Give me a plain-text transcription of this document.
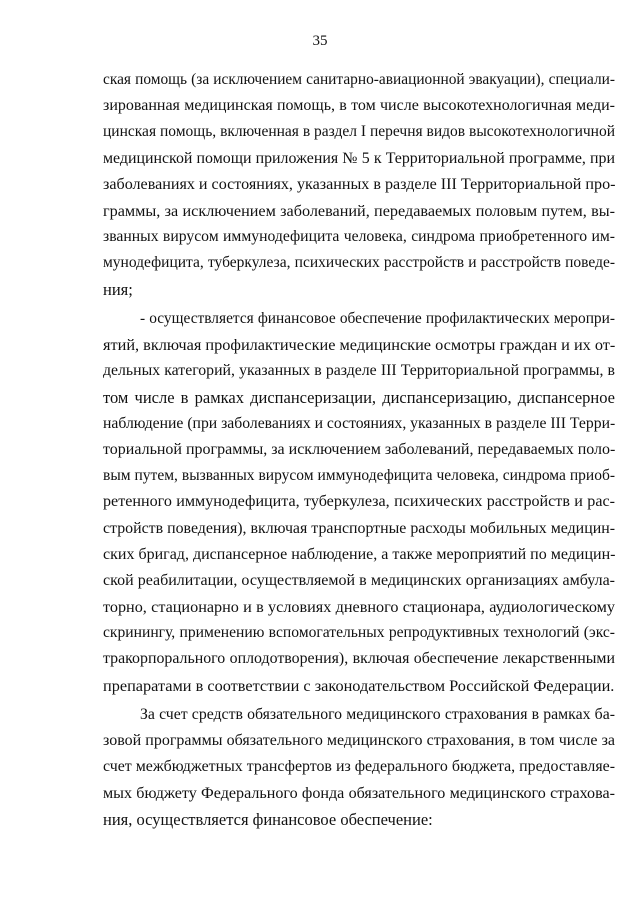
35
ская помощь (за исключением санитарно-авиационной эвакуации), специали-
зированная медицинская помощь, в том числе высокотехнологичная меди-
цинская помощь, включенная в раздел I перечня видов высокотехнологичной
медицинской помощи приложения № 5 к Территориальной программе, при
заболеваниях и состояниях, указанных в разделе III Территориальной про-
граммы, за исключением заболеваний, передаваемых половым путем, вы-
званных вирусом иммунодефицита человека, синдрома приобретенного им-
мунодефицита, туберкулеза, психических расстройств и расстройств поведе-
ния;
- осуществляется финансовое обеспечение профилактических меропри-
ятий, включая профилактические медицинские осмотры граждан и их от-
дельных категорий, указанных в разделе III Территориальной программы, в
том числе в рамках диспансеризации, диспансеризацию, диспансерное
наблюдение (при заболеваниях и состояниях, указанных в разделе III Терри-
ториальной программы, за исключением заболеваний, передаваемых поло-
вым путем, вызванных вирусом иммунодефицита человека, синдрома приоб-
ретенного иммунодефицита, туберкулеза, психических расстройств и рас-
стройств поведения), включая транспортные расходы мобильных медицин-
ских бригад, диспансерное наблюдение, а также мероприятий по медицин-
ской реабилитации, осуществляемой в медицинских организациях амбула-
торно, стационарно и в условиях дневного стационара, аудиологическому
скринингу, применению вспомогательных репродуктивных технологий (экс-
тракорпорального оплодотворения), включая обеспечение лекарственными
препаратами в соответствии с законодательством Российской Федерации.
За счет средств обязательного медицинского страхования в рамках ба-
зовой программы обязательного медицинского страхования, в том числе за
счет межбюджетных трансфертов из федерального бюджета, предоставляе-
мых бюджету Федерального фонда обязательного медицинского страхова-
ния, осуществляется финансовое обеспечение:
